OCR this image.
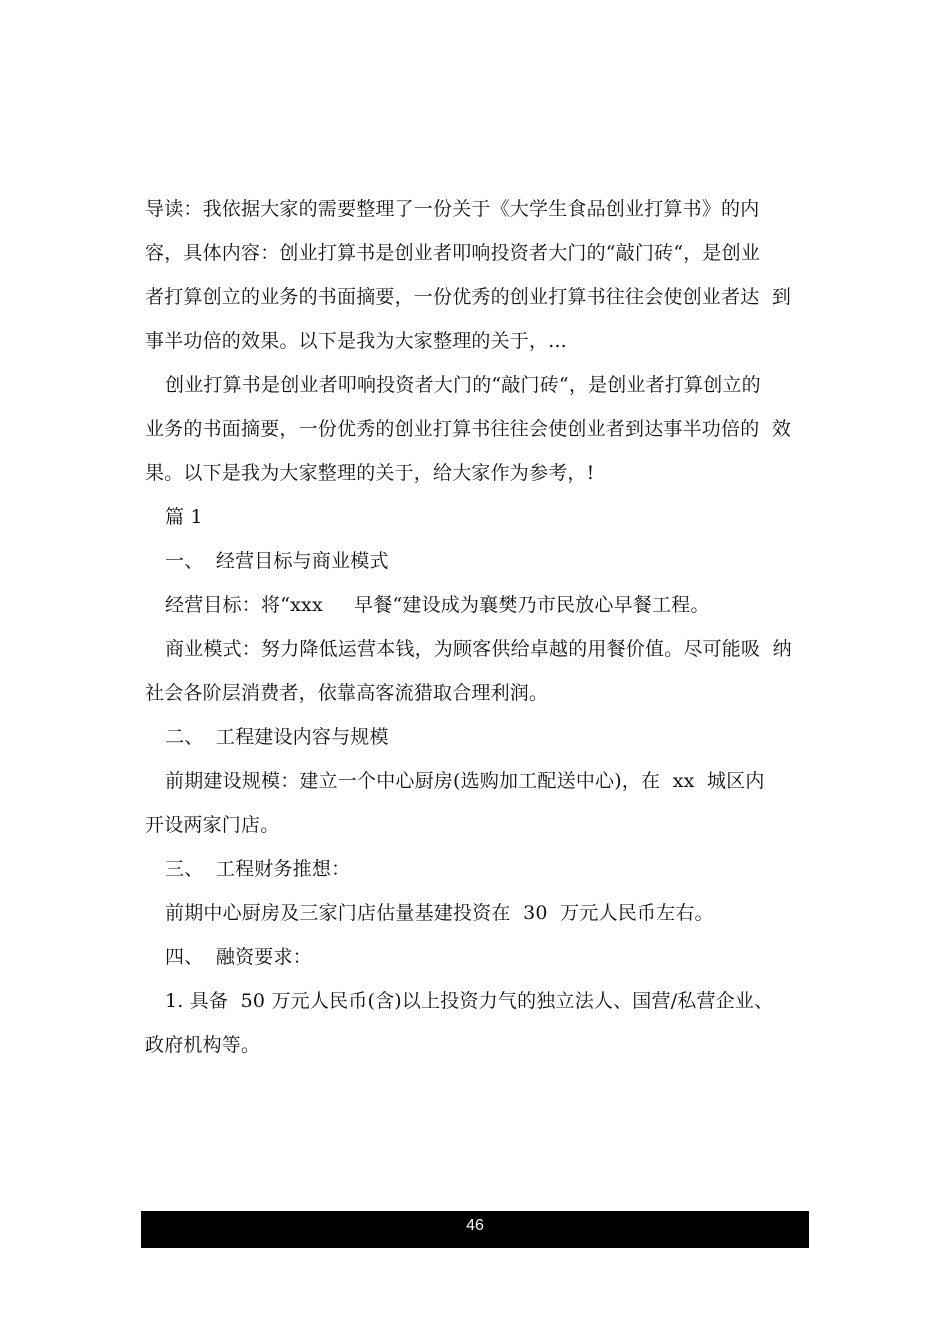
导读：我依据大家的需要整理了一份关于《大学生食品创业打算书》的内
容，具体内容：创业打算书是创业者叩响投资者大门的“敲门砖“，是创业
者打算创立的业务的书面摘要，一份优秀的创业打算书往往会使创业者达  到
事半功倍的效果。以下是我为大家整理的关于，...
创业打算书是创业者叩响投资者大门的“敲门砖“，是创业者打算创立的
业务的书面摘要，一份优秀的创业打算书往往会使创业者到达事半功倍的  效
果。以下是我为大家整理的关于，给大家作为参考，!
篇 1
一、  经营目标与商业模式
经营目标：将“xxx     早餐“建设成为襄樊乃市民放心早餐工程。
商业模式：努力降低运营本钱，为顾客供给卓越的用餐价值。尽可能吸  纳
社会各阶层消费者，依靠高客流猎取合理利润。
二、  工程建设内容与规模
前期建设规模：建立一个中心厨房(选购加工配送中心)，在  xx  城区内
开设两家门店。
三、  工程财务推想：
前期中心厨房及三家门店估量基建投资在  30  万元人民币左右。
四、  融资要求：
1. 具备  50 万元人民币(含)以上投资力气的独立法人、国营/私营企业、
政府机构等。
46
